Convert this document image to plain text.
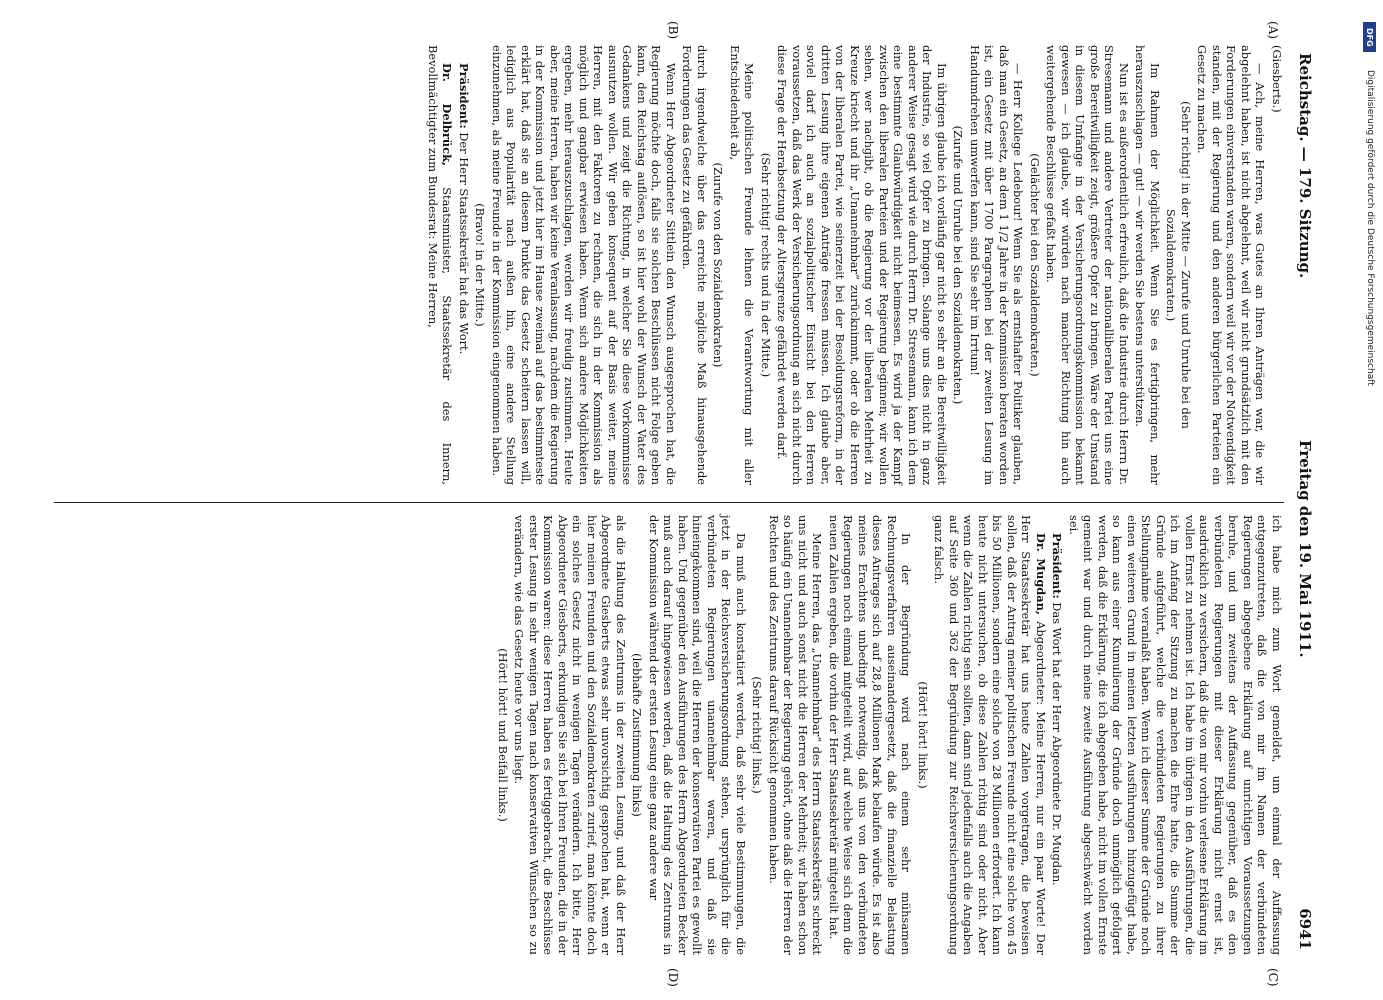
Reichstag. — 179. Sitzung.
Freitag den 19. Mai 1911.
6941
(A)
(B)
(C)
(D)

(Giesberts.)

— Ach, meine Herren, was Gutes an Ihren Anträgen war, die wir abgelehnt haben, ist nicht abgelehnt, weil wir nicht grundsätzlich mit den Forderungen einverstanden waren, sondern weil wir vor der Notwendigkeit standen, mit der Regierung und den anderen bürgerlichen Parteien ein Gesetz zu machen.

(Sehr richtig! in der Mitte — Zurufe und Unruhe bei den Sozialdemokraten.)

Im Rahmen der Möglichkeit. Wenn Sie es fertigbringen, mehr herauszuschlagen — gut! — wir werden Sie bestens unterstützen.

Nun ist es außerordentlich erfreulich, daß die Industrie durch Herrn Dr. Stresemann und andere Vertreter der nationalliberalen Partei uns eine große Bereitwilligkeit zeigt, größere Opfer zu bringen. Wäre der Umstand in diesem Umfange in der Versicherungsordnungskommission bekannt gewesen — ich glaube, wir würden nach mancher Richtung hin auch weitergehende Beschlüsse gefaßt haben.

(Gelächter bei den Sozialdemokraten.)

— Herr Kollege Ledebour! Wenn Sie als ernsthafter Politiker glauben, daß man ein Gesetz, an dem 1 1/2 Jahre in der Kommission beraten worden ist, ein Gesetz mit über 1700 Paragraphen bei der zweiten Lesung im Handumdrehen umwerfen kann, sind Sie sehr im Irrtum!

(Zurufe und Unruhe bei den Sozialdemokraten.)

Im übrigen glaube ich vorläufig gar nicht so sehr an die Bereitwilligkeit der Industrie, so viel Opfer zu bringen. Solange uns dies nicht in ganz anderer Weise gesagt wird wie durch Herrn Dr. Stresemann, kann ich dem eine bestimmte Glaubwürdigkeit nicht beimessen. Es wird ja der Kampf zwischen den liberalen Parteien und der Regierung beginnen; wir wollen sehen, wer nachgibt, ob die Regierung vor der liberalen Mehrheit zu Kreuze kriecht und ihr „Unannehmbar“ zurücknimmt, oder ob die Herren von der liberalen Partei, wie seinerzeit bei der Besoldungsreform, in der dritten Lesung ihre eigenen Anträge fressen müssen. Ich glaube aber, soviel darf ich auch an sozialpolitischer Einsicht bei den Herren voraussetzen, daß das Werk der Versicherungsordnung an sich nicht durch diese Frage der Herabsetzung der Altersgrenze gefährdet werden darf.

(Sehr richtig! rechts und in der Mitte.)

Meine politischen Freunde lehnen die Verantwortung mit aller Entschiedenheit ab,

(Zurufe von den Sozialdemokraten)

durch irgendwelche über das erreichte mögliche Maß hinausgehende Forderungen das Gesetz zu gefährden.

Wenn Herr Abgeordneter Sittlein den Wunsch ausgesprochen hat, die Regierung möchte doch, falls sie solchen Beschlüssen nicht Folge geben kann, den Reichstag auflösen, so ist hier wohl der Wunsch der Vater des Gedankens und zeigt die Richtung, in welcher Sie diese Vorkommnisse ausnutzen wollen. Wir geben konsequent auf der Basis weiter, meine Herren, mit den Faktoren zu rechnen, die sich in der Kommission als möglich und gangbar erwiesen haben. Wenn sich andere Möglichkeiten ergeben, mehr herauszuschlagen, werden wir freudig zustimmen. Heute aber, meine Herren, haben wir keine Veranlassung, nachdem die Regierung in der Kommission und jetzt hier im Hause zweimal auf das bestimmteste erklärt hat, daß sie an diesem Punkte das Gesetz scheitern lassen will, lediglich aus Popularität nach außen hin, eine andere Stellung einzunehmen, als meine Freunde in der Kommission eingenommen haben.

(Bravo! in der Mitte.)

Präsident: Der Herr Staatssekretär hat das Wort.

Dr. Delbrück, Staatsminister, Staatssekretär des Innern, Bevollmächtigter zum Bundesrat: Meine Herren,

ich habe mich zum Wort gemeldet, um einmal der Auffassung entgegenzutreten, daß die von mir im Namen der verbündeten Regierungen abgegebene Erklärung auf unrichtigen Voraussetzungen beruhe, und um zweitens der Auffassung gegenüber, daß es den verbündeten Regierungen mit dieser Erklärung nicht ernst ist, ausdrücklich zu versichern, daß die von mir vorhin verlesene Erklärung im vollen Ernst zu nehmen ist. Ich habe im übrigen in den Ausführungen, die ich im Anfang der Sitzung zu machen die Ehre hatte, die Summe der Gründe aufgeführt, welche die verbündeten Regierungen zu ihrer Stellungnahme veranlaßt haben. Wenn ich dieser Summe der Gründe noch einen weiteren Grund in meinen letzten Ausführungen hinzugefügt habe, so kann aus einer Kumulierung der Gründe doch unmöglich gefolgert werden, daß die Erklärung, die ich abgegeben habe, nicht im vollen Ernste gemeint war und durch meine zweite Ausführung abgeschwächt worden sei.

Präsident: Das Wort hat der Herr Abgeordnete Dr. Mugdan.

Dr. Mugdan, Abgeordneter: Meine Herren, nur ein paar Worte! Der Herr Staatssekretär hat uns heute Zahlen vorgetragen, die beweisen sollen, daß der Antrag meiner politischen Freunde nicht eine solche von 45 bis 50 Millionen, sondern eine solche von 28 Millionen erfordert. Ich kann heute nicht untersuchen, ob diese Zahlen richtig sind oder nicht. Aber wenn die Zahlen richtig sein sollten, dann sind jedenfalls auch die Angaben auf Seite 360 und 362 der Begründung zur Reichsversicherungsordnung ganz falsch.

(Hört! hört! links.)

In der Begründung wird nach einem sehr mühsamen Rechnungsverfahren auseinandergesetzt, daß die finanzielle Belastung dieses Antrages sich auf 28,8 Millionen Mark belaufen würde. Es ist also meines Erachtens unbedingt notwendig, daß uns von den verbündeten Regierungen noch einmal mitgeteilt wird, auf welche Weise sich denn die neuen Zahlen ergeben, die vorhin der Herr Staatssekretär mitgeteilt hat.

Meine Herren, das „Unannehmbar“ des Herrn Staatssekretärs schreckt uns nicht und auch sonst nicht die Herren der Mehrheit; wir haben schon so häufig ein Unannehmbar der Regierung gehört, ohne daß die Herren der Rechten und des Zentrums darauf Rücksicht genommen haben.

(Sehr richtig! links.)

Da muß auch konstatiert werden, daß sehr viele Bestimmungen, die jetzt in der Reichsversicherungsordnung stehen, ursprünglich für die verbündeten Regierungen unannehmbar waren, und daß sie hineingekommen sind, weil die Herren der konservativen Partei es gewollt haben. Und gegenüber den Ausführungen des Herrn Abgeordneten Becker muß auch darauf hingewiesen werden, daß die Haltung des Zentrums in der Kommission während der ersten Lesung eine ganz andere war

(lebhafte Zustimmung links)

als die Haltung des Zentrums in der zweiten Lesung, und daß der Herr Abgeordnete Giesberts etwas sehr unvorsichtig gesprochen hat, wenn er hier meinen Freunden und den Sozialdemokraten zurief, man könnte doch ein solches Gesetz nicht in wenigen Tagen verändern. Ich bitte, Herr Abgeordneter Giesberts, erkundigen Sie sich bei Ihren Freunden, die in der Kommission waren: diese Herren haben es fertiggebracht, die Beschlüsse erster Lesung in sehr wenigen Tagen nach konservativen Wünschen so zu verändern, wie das Gesetz heute vor uns liegt.

(Hört! hört! und Beifall links.)

DFG
Digitalisierung gefördert durch die Deutsche Forschungsgemeinschaft
